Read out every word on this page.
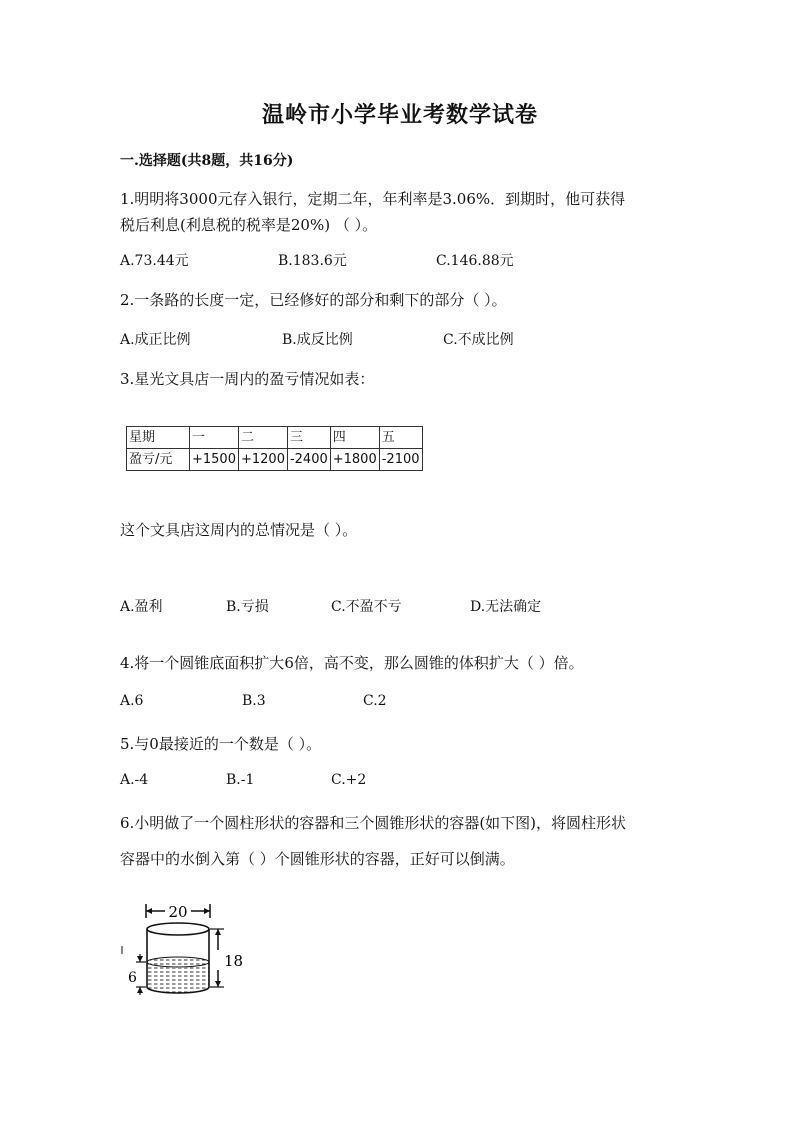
温岭市小学毕业考数学试卷
一.选择题(共8题，共16分)
1.明明将3000元存入银行，定期二年，年利率是3.06%．到期时，他可获得
税后利息(利息税的税率是20%) （ ）。
A.73.44元	B.183.6元	C.146.88元
2.一条路的长度一定，已经修好的部分和剩下的部分（ ）。
A.成正比例	B.成反比例	C.不成比例
3.星光文具店一周内的盈亏情况如表：
星期	一	二	三	四	五
盈亏/元	+1500	+1200	-2400	+1800	-2100
这个文具店这周内的总情况是（ ）。
A.盈利	B.亏损	C.不盈不亏	D.无法确定
4.将一个圆锥底面积扩大6倍，高不变，那么圆锥的体积扩大（ ）倍。
A.6	B.3	C.2
5.与0最接近的一个数是（ ）。
A.-4	B.-1	C.+2
6.小明做了一个圆柱形状的容器和三个圆锥形状的容器(如下图)，将圆柱形状
容器中的水倒入第（ ）个圆锥形状的容器，正好可以倒满。
20
18
6
